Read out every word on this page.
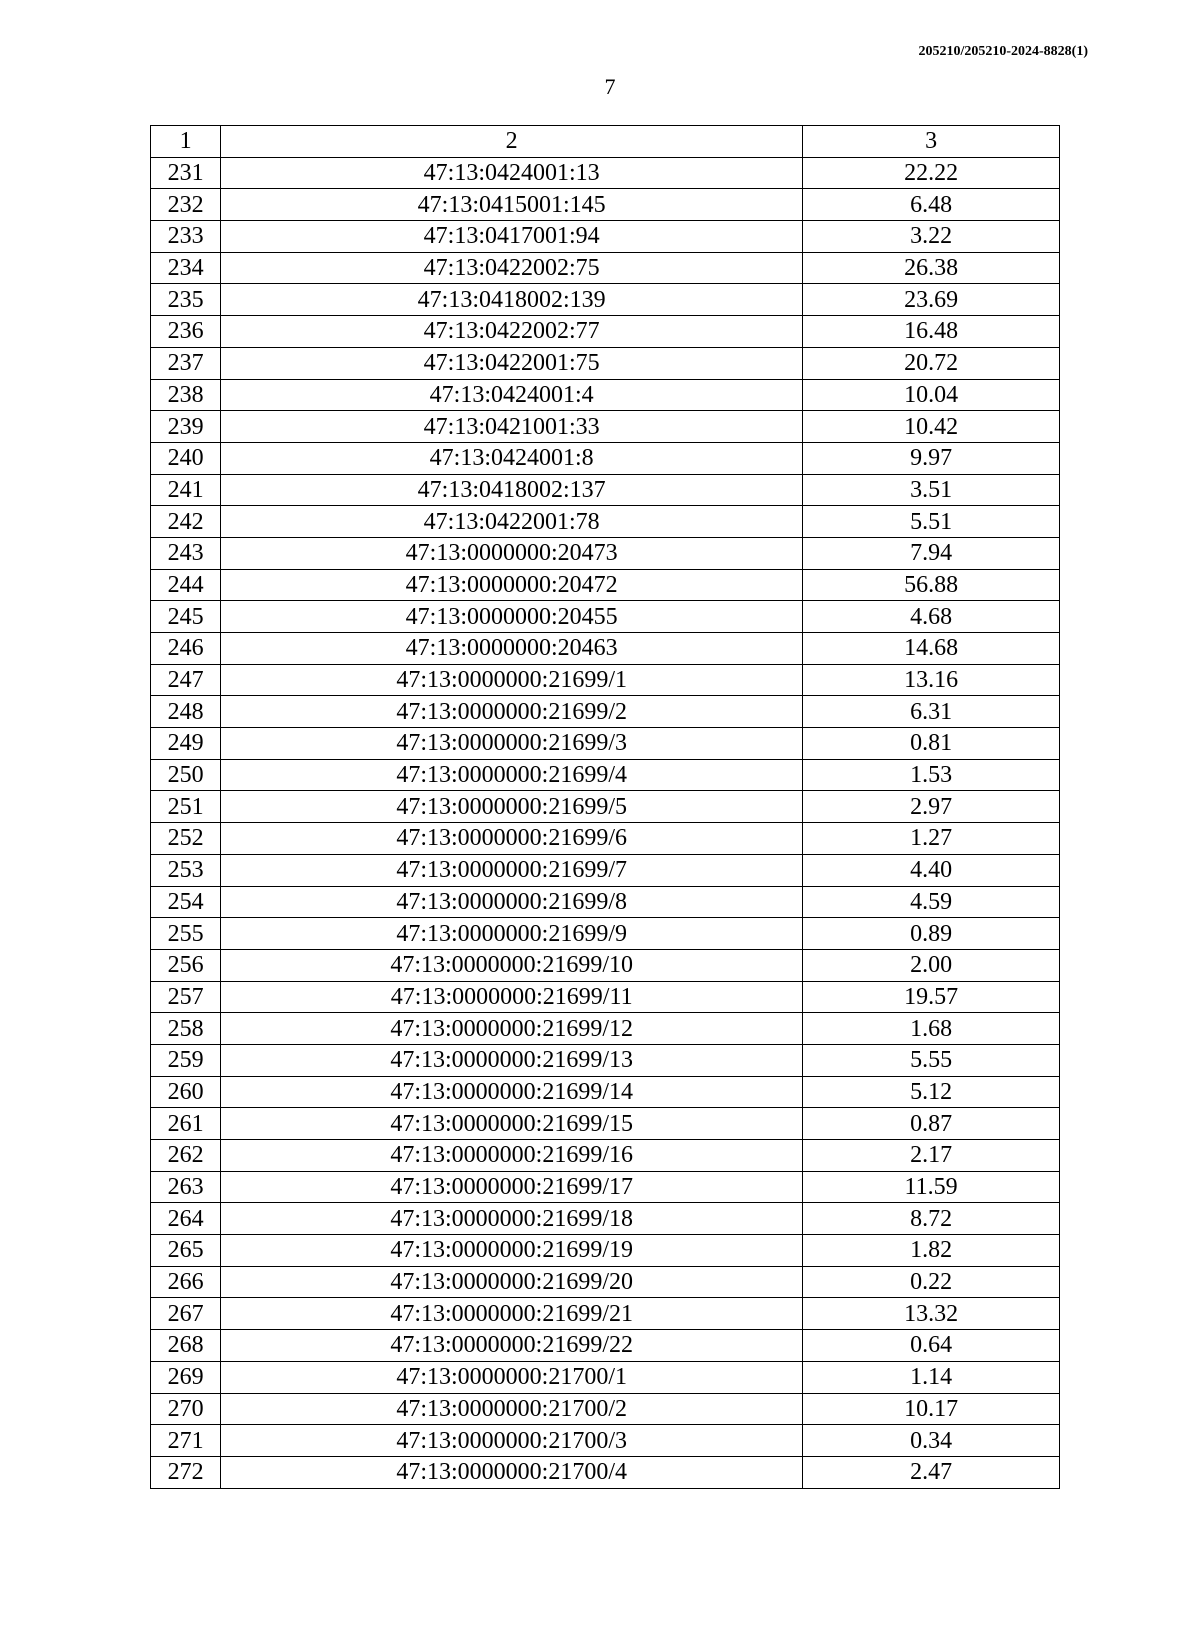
205210/205210-2024-8828(1)
7
1	2	3
231	47:13:0424001:13	22.22
232	47:13:0415001:145	6.48
233	47:13:0417001:94	3.22
234	47:13:0422002:75	26.38
235	47:13:0418002:139	23.69
236	47:13:0422002:77	16.48
237	47:13:0422001:75	20.72
238	47:13:0424001:4	10.04
239	47:13:0421001:33	10.42
240	47:13:0424001:8	9.97
241	47:13:0418002:137	3.51
242	47:13:0422001:78	5.51
243	47:13:0000000:20473	7.94
244	47:13:0000000:20472	56.88
245	47:13:0000000:20455	4.68
246	47:13:0000000:20463	14.68
247	47:13:0000000:21699/1	13.16
248	47:13:0000000:21699/2	6.31
249	47:13:0000000:21699/3	0.81
250	47:13:0000000:21699/4	1.53
251	47:13:0000000:21699/5	2.97
252	47:13:0000000:21699/6	1.27
253	47:13:0000000:21699/7	4.40
254	47:13:0000000:21699/8	4.59
255	47:13:0000000:21699/9	0.89
256	47:13:0000000:21699/10	2.00
257	47:13:0000000:21699/11	19.57
258	47:13:0000000:21699/12	1.68
259	47:13:0000000:21699/13	5.55
260	47:13:0000000:21699/14	5.12
261	47:13:0000000:21699/15	0.87
262	47:13:0000000:21699/16	2.17
263	47:13:0000000:21699/17	11.59
264	47:13:0000000:21699/18	8.72
265	47:13:0000000:21699/19	1.82
266	47:13:0000000:21699/20	0.22
267	47:13:0000000:21699/21	13.32
268	47:13:0000000:21699/22	0.64
269	47:13:0000000:21700/1	1.14
270	47:13:0000000:21700/2	10.17
271	47:13:0000000:21700/3	0.34
272	47:13:0000000:21700/4	2.47
